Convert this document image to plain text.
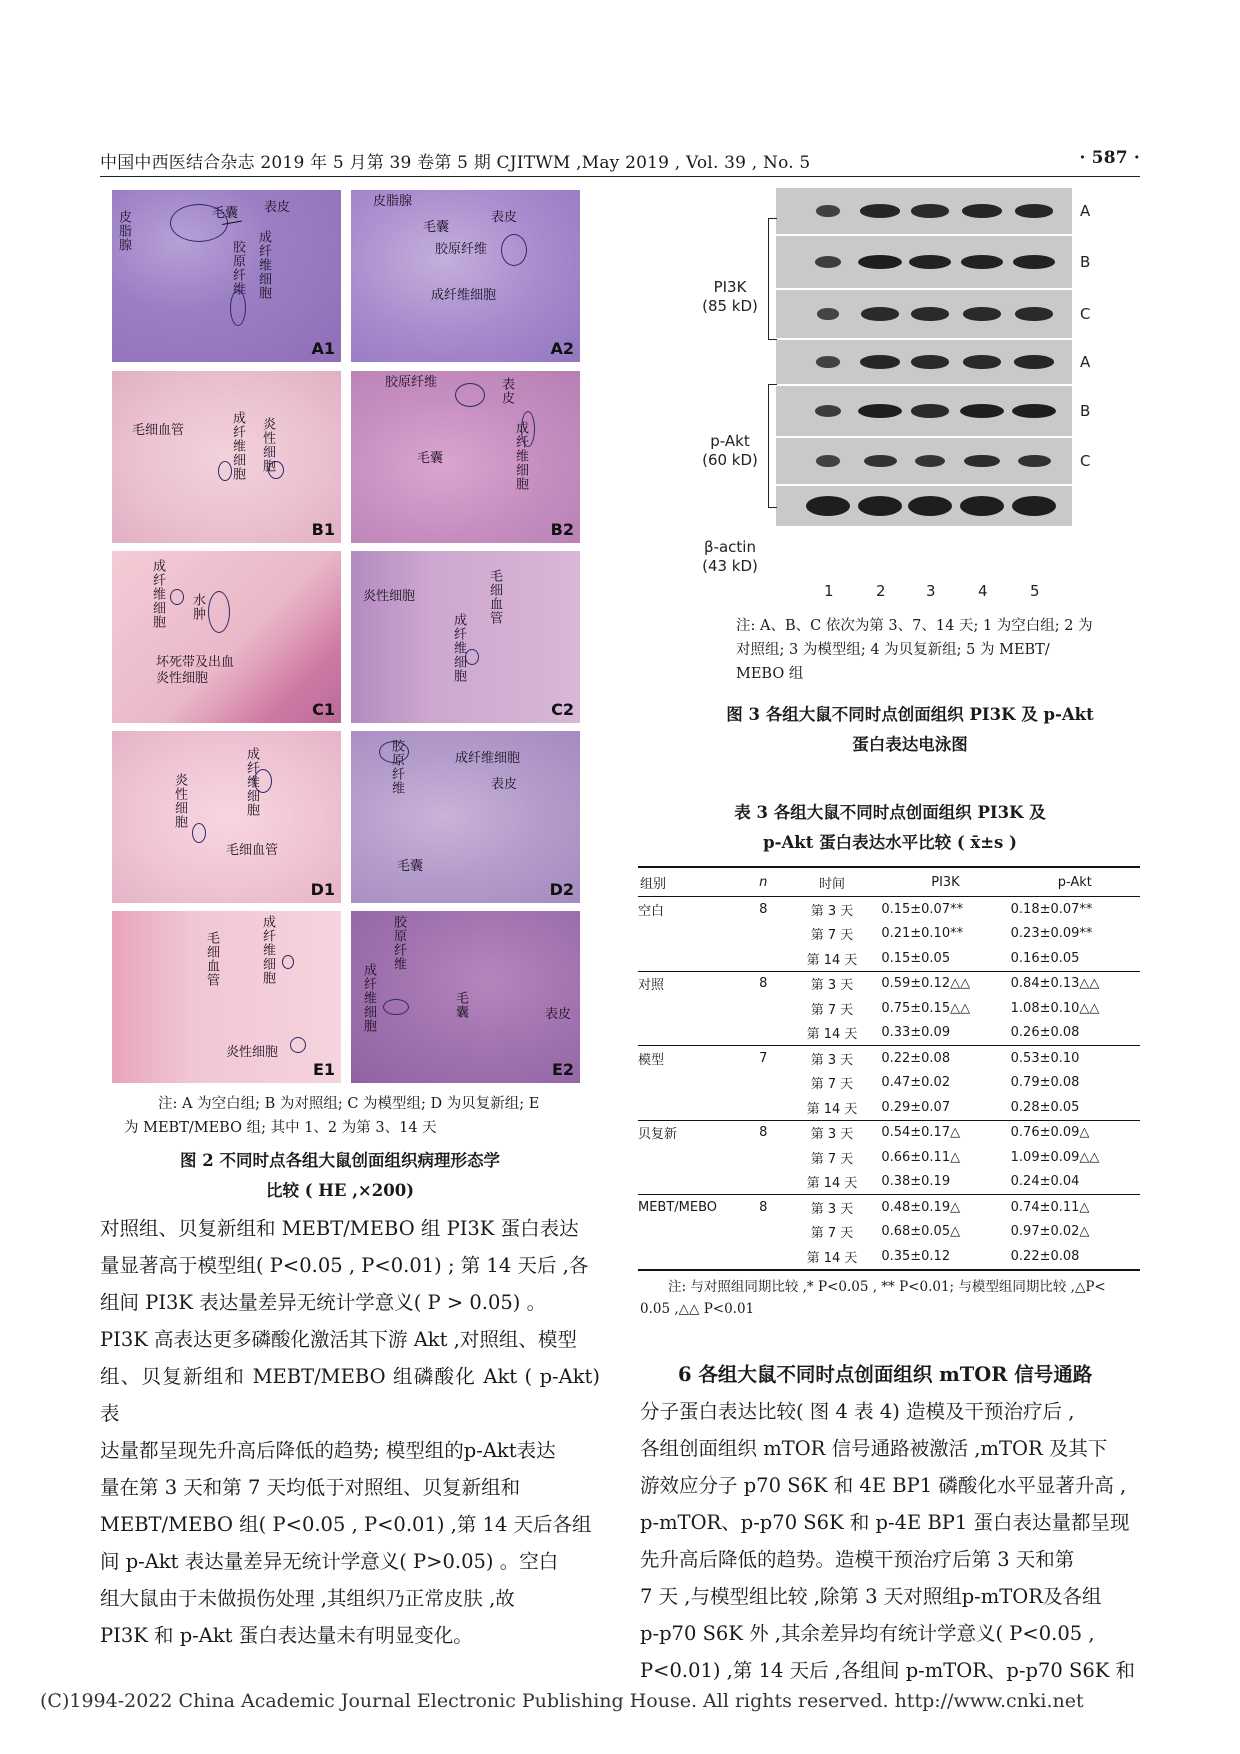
中国中西医结合杂志 2019 年 5 月第 39 卷第 5 期 CJITWM ,May 2019 , Vol. 39 , No. 5	· 587 ·
毛囊 表皮
皮脂腺
胶原纤维 成纤维细胞
A1
皮脂腺
表皮
毛囊
胶原纤维
成纤维细胞
A2
毛细血管	成纤维细胞 炎性细胞
B1
胶原纤维	表皮
毛囊	成纤维细胞
B2
成纤维细胞 水肿
坏死带及出血
炎性细胞
C1
炎性细胞	毛细血管
成纤维细胞
C2
炎性细胞	成纤维细胞
毛细血管
D1
胶原纤维	成纤维细胞
表皮
毛囊
D2
毛细血管	成纤维细胞
炎性细胞
E1
胶原纤维
成纤维细胞	毛囊	表皮
E2
注: A 为空白组; B 为对照组; C 为模型组; D 为贝复新组; E
为 MEBT/MEBO 组; 其中 1、2 为第 3、14 天
图 2 不同时点各组大鼠创面组织病理形态学
比较 ( HE ,×200)

对照组、贝复新组和 MEBT/MEBO 组 PI3K 蛋白表达

量显著高于模型组( P<0.05 , P<0.01) ; 第 14 天后 ,各

组间 PI3K 表达量差异无统计学意义( P > 0.05) 。

PI3K 高表达更多磷酸化激活其下游 Akt ,对照组、模型

组、贝复新组和 MEBT/MEBO 组磷酸化 Akt ( p-Akt) 表

达量都呈现先升高后降低的趋势; 模型组的p-Akt表达

量在第 3 天和第 7 天均低于对照组、贝复新组和

MEBT/MEBO 组( P<0.05 , P<0.01) ,第 14 天后各组

间 p-Akt 表达量差异无统计学意义( P>0.05) 。空白

组大鼠由于未做损伤处理 ,其组织乃正常皮肤 ,故

PI3K 和 p-Akt 蛋白表达量未有明显变化。

PI3K
(85 kD)
p-Akt
(60 kD)
β-actin
(43 kD)
注: A、B、C 依次为第 3、7、14 天; 1 为空白组; 2 为
对照组; 3 为模型组; 4 为贝复新组; 5 为 MEBT/
MEBO 组
图 3 各组大鼠不同时点创面组织 PI3K 及 p-Akt
蛋白表达电泳图
表 3 各组大鼠不同时点创面组织 PI3K 及
p-Akt 蛋白表达水平比较 ( x̄±s )
组别	n	时间	PI3K	p-Akt
空白	8	第 3 天	0.15±0.07**	0.18±0.07**
		第 7 天	0.21±0.10**	0.23±0.09**
		第 14 天	0.15±0.05	0.16±0.05
对照	8	第 3 天	0.59±0.12△△	0.84±0.13△△
		第 7 天	0.75±0.15△△	1.08±0.10△△
		第 14 天	0.33±0.09	0.26±0.08
模型	7	第 3 天	0.22±0.08	0.53±0.10
		第 7 天	0.47±0.02	0.79±0.08
		第 14 天	0.29±0.07	0.28±0.05
贝复新	8	第 3 天	0.54±0.17△	0.76±0.09△
		第 7 天	0.66±0.11△	1.09±0.09△△
		第 14 天	0.38±0.19	0.24±0.04
MEBT/MEBO	8	第 3 天	0.48±0.19△	0.74±0.11△
		第 7 天	0.68±0.05△	0.97±0.02△
		第 14 天	0.35±0.12	0.22±0.08
注: 与对照组同期比较 ,* P<0.05 , ** P<0.01; 与模型组同期比较 ,△P<
0.05 ,△△ P<0.01

6 各组大鼠不同时点创面组织 mTOR 信号通路

分子蛋白表达比较( 图 4 表 4) 造模及干预治疗后 ,

各组创面组织 mTOR 信号通路被激活 ,mTOR 及其下

游效应分子 p70 S6K 和 4E BP1 磷酸化水平显著升高 ,

p-mTOR、p-p70 S6K 和 p-4E BP1 蛋白表达量都呈现

先升高后降低的趋势。造模干预治疗后第 3 天和第

7 天 ,与模型组比较 ,除第 3 天对照组p-mTOR及各组

p-p70 S6K 外 ,其余差异均有统计学意义( P<0.05 ,

P<0.01) ,第 14 天后 ,各组间 p-mTOR、p-p70 S6K 和

(C)1994-2022 China Academic Journal Electronic Publishing House. All rights reserved. http://www.cnki.net
A
B
C
A
B
C
1	2	3	4	5
